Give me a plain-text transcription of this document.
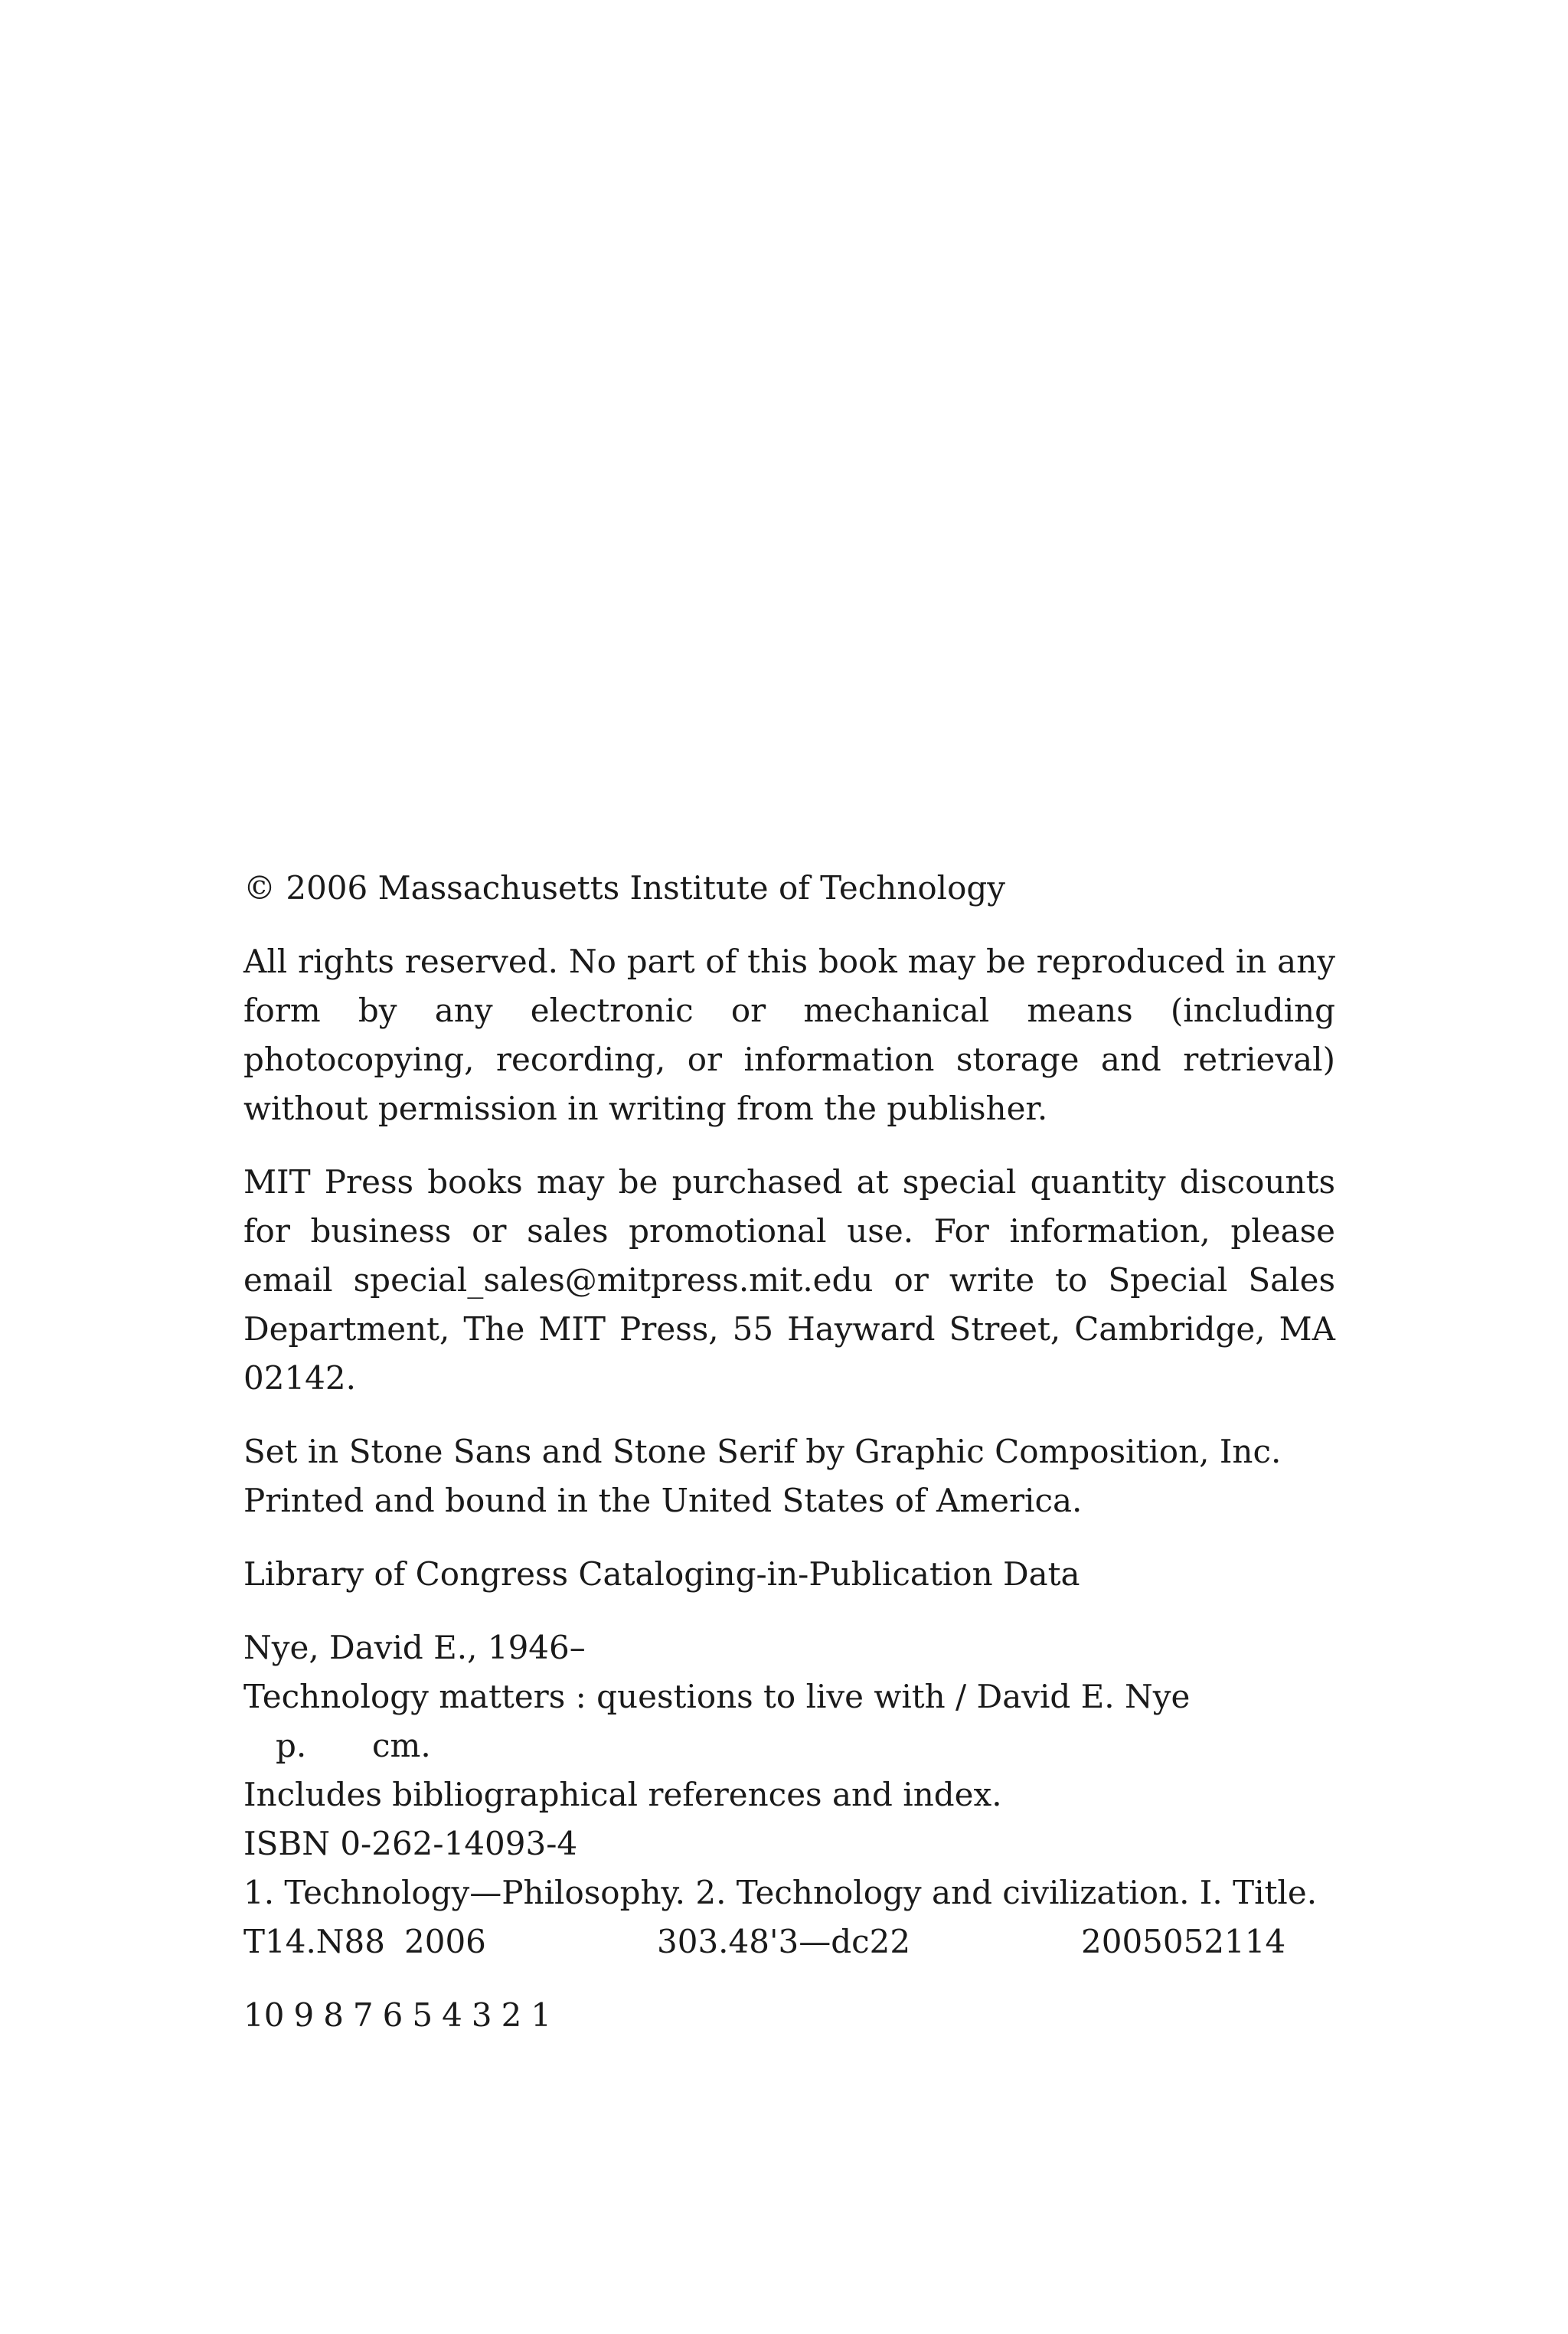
© 2006 Massachusetts Institute of Technology

All rights reserved. No part of this book may be reproduced in any form by any electronic or mechanical means (including photocopying, recording, or information storage and retrieval) without permission in writing from the publisher.

MIT Press books may be purchased at special quantity discounts for business or sales promotional use. For information, please email special_sales@mitpress.mit.edu or write to Special Sales Department, The MIT Press, 55 Hayward Street, Cambridge, MA 02142.

Set in Stone Sans and Stone Serif by Graphic Composition, Inc.
Printed and bound in the United States of America.

Library of Congress Cataloging-in-Publication Data

Nye, David E., 1946–
Technology matters : questions to live with / David E. Nye
p. cm.
Includes bibliographical references and index.
ISBN 0-262-14093-4
1. Technology—Philosophy. 2. Technology and civilization. I. Title.
T14.N88 2006	303.48'3—dc22	2005052114
10 9 8 7 6 5 4 3 2 1
